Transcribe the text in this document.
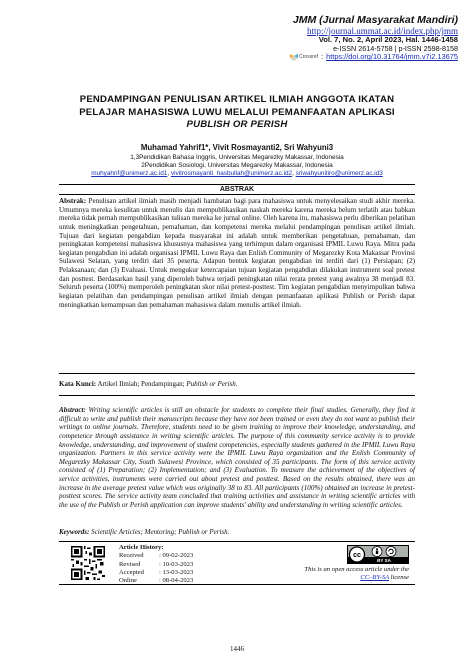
JMM (Jurnal Masyarakat Mandiri)
http://journal.ummat.ac.id/index.php/jmm
Vol. 7, No. 2, April 2023, Hal. 1446-1458
e-ISSN 2614-5758 | p-ISSN 2598-8158
Crossref : https://doi.org/10.31764/jmm.v7i2.13675
PENDAMPINGAN PENULISAN ARTIKEL ILMIAH ANGGOTA IKATAN
PELAJAR MAHASISWA LUWU MELALUI PEMANFAATAN APLIKASI
PUBLISH OR PERISH
Muhamad Yahrif1*, Vivit Rosmayanti2, Sri Wahyuni3
1,3Pendidikan Bahasa Inggris, Universitas Megarezky Makassar, Indonesia
2Pendidikan Sosiologi, Universitas Megarezky Makassar, Indonesia
muhyahrif@unimerz.ac.id1, vivitrosmayanti_hasbullah@unimerz.ac.id2, sriwahyunitiro@unimerz.ac.id3
ABSTRAK
Abstrak: Penulisan artikel ilmiah masih menjadi hambatan bagi para mahasiswa untuk menyelesaikan studi akhir mereka. Umumnya mereka kesulitan untuk menulis dan mempublikasikan naskah mereka karena mereka belum terlatih atau bahkan mereka tidak pernah mempublikasikan tulisan mereka ke jurnal online. Oleh karena itu, mahasiswa perlu diberikan pelatihan untuk meningkatkan pengetahuan, pemahaman, dan kompetensi mereka melalui pendampingan penulisan artikel ilmiah. Tujuan dari kegiatan pengabdian kepada masyarakat ini adalah untuk memberikan pengetahuan, pemahaman, dan peningkatan kompetensi mahasiswa khususnya mahasiswa yang terhimpun dalam organisasi IPMIL Luwu Raya. Mitra pada kegiatan pengabdian ini adalah organisasi IPMIL Luwu Raya dan Enlish Community of Megarezky Kota Makassar Provinsi Sulawesi Selatan, yang terdiri dari 35 peserta. Adapun bentuk kegiatan pengabdian ini terdiri dari (1) Persiapan; (2) Pelaksanaan; dan (3) Evaluasi. Untuk mengukur ketercapaian tujuan kegiatan pengabdian dilakukan instrument soal pretest dan posttest. Berdasarkan hasil yang diperoleh bahwa terjadi peningkatan nilai rerata pretest yang awalnya 38 menjadi 83. Seluruh peserta (100%) memperoleh peningkatan skor nilai pretest-posttest. Tim kegiatan pengabdian menyimpulkan bahwa kegiatan pelatihan dan pendampingan penulisan artikel ilmiah dengan pemanfaatan aplikasi Publish or Perish dapat meningkatkan kemampuan dan pemahaman mahasiswa dalam menulis artikel ilmiah.
Kata Kunci: Artikel Ilmiah; Pendampingan; Publish or Perish.
Abstract: Writing scientific articles is still an obstacle for students to complete their final studies. Generally, they find it difficult to write and publish their manuscripts because they have not been trained or even they do not want to publish their writings to online journals. Therefore, students need to be given training to improve their knowledge, understanding, and competence through assistance in writing scientific articles. The purpose of this community service activity is to provide knowledge, understanding, and improvement of student competencies, especially students gathered in the IPMIL Luwu Raya organization. Partners in this service activity were the IPMIL Luwu Raya organization and the Enlish Community of Megarezky Makassar City, South Sulawesi Province, which consisted of 35 participants. The form of this service activity consisted of (1) Preparation; (2) Implementation; and (3) Evaluation. To measure the achievement of the objectives of service activities, instruments were carried out about pretest and posttest. Based on the results obtained, there was an increase in the average pretest value which was originally 38 to 83. All participants (100%) obtained an increase in pretest-posttest scores. The service activity team concluded that training activities and assistance in writing scientific articles with the use of the Publish or Perish application can improve students' ability and understanding in writing scientific articles.
Keywords: Scientific Articles; Mentoring; Publish or Perish.
Article History:
Received	: 09-02-2023
Revised	: 10-03-2023
Accepted	: 13-03-2023
Online	: 08-04-2023
cc
BY SA
This is an open access article under the
CC–BY-SA license
1446
